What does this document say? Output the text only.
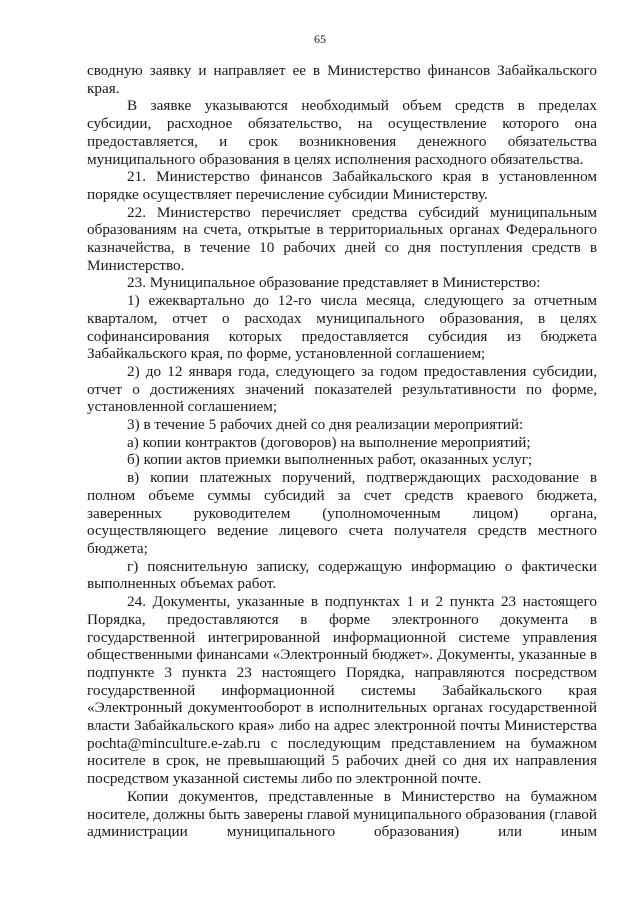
65

сводную заявку и направляет ее в Министерство финансов Забайкальского края.

В заявке указываются необходимый объем средств в пределах субсидии, расходное обязательство, на осуществление которого она предоставляется, и срок возникновения денежного обязательства муниципального образования в целях исполнения расходного обязательства.

21. Министерство финансов Забайкальского края в установленном порядке осуществляет перечисление субсидии Министерству.

22. Министерство перечисляет средства субсидий муниципальным образованиям на счета, открытые в территориальных органах Федерального казначейства, в течение 10 рабочих дней со дня поступления средств в Министерство.

23. Муниципальное образование представляет в Министерство:

1) ежеквартально до 12-го числа месяца, следующего за отчетным кварталом, отчет о расходах муниципального образования, в целях софинансирования которых предоставляется субсидия из бюджета Забайкальского края, по форме, установленной соглашением;

2) до 12 января года, следующего за годом предоставления субсидии, отчет о достижениях значений показателей результативности по форме, установленной соглашением;

3) в течение 5 рабочих дней со дня реализации мероприятий:

а) копии контрактов (договоров) на выполнение мероприятий;

б) копии актов приемки выполненных работ, оказанных услуг;

в) копии платежных поручений, подтверждающих расходование в полном объеме суммы субсидий за счет средств краевого бюджета, заверенных руководителем (уполномоченным лицом) органа, осуществляющего ведение лицевого счета получателя средств местного бюджета;

г) пояснительную записку, содержащую информацию о фактически выполненных объемах работ.

24. Документы, указанные в подпунктах 1 и 2 пункта 23 настоящего Порядка, предоставляются в форме электронного документа в государственной интегрированной информационной системе управления общественными финансами «Электронный бюджет». Документы, указанные в подпункте 3 пункта 23 настоящего Порядка, направляются посредством государственной информационной системы Забайкальского края «Электронный документооборот в исполнительных органах государственной власти Забайкальского края» либо на адрес электронной почты Министерства pochta@minculture.e-zab.ru с последующим представлением на бумажном носителе в срок, не превышающий 5 рабочих дней со дня их направления посредством указанной системы либо по электронной почте.

Копии документов, представленные в Министерство на бумажном носителе, должны быть заверены главой муниципального образования (главой администрации муниципального образования) или иным
